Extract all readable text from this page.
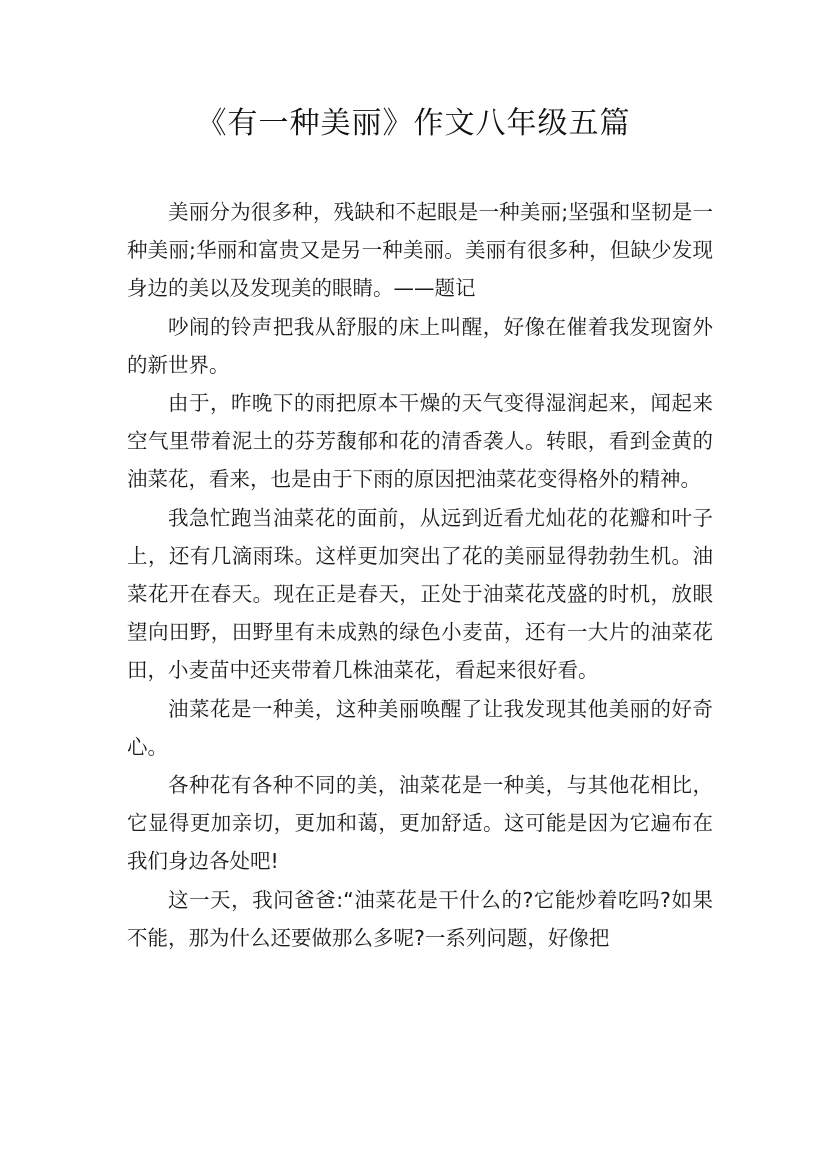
《有一种美丽》作文八年级五篇

美丽分为很多种，残缺和不起眼是一种美丽;坚强和坚韧是一种美丽;华丽和富贵又是另一种美丽。美丽有很多种，但缺少发现身边的美以及发现美的眼睛。——题记

吵闹的铃声把我从舒服的床上叫醒，好像在催着我发现窗外的新世界。

由于，昨晚下的雨把原本干燥的天气变得湿润起来，闻起来空气里带着泥土的芬芳馥郁和花的清香袭人。转眼，看到金黄的油菜花，看来，也是由于下雨的原因把油菜花变得格外的精神。

我急忙跑当油菜花的面前，从远到近看尤灿花的花瓣和叶子上，还有几滴雨珠。这样更加突出了花的美丽显得勃勃生机。油菜花开在春天。现在正是春天，正处于油菜花茂盛的时机，放眼望向田野，田野里有未成熟的绿色小麦苗，还有一大片的油菜花田，小麦苗中还夹带着几株油菜花，看起来很好看。

油菜花是一种美，这种美丽唤醒了让我发现其他美丽的好奇心。

各种花有各种不同的美，油菜花是一种美，与其他花相比，它显得更加亲切，更加和蔼，更加舒适。这可能是因为它遍布在我们身边各处吧!

这一天，我问爸爸:“油菜花是干什么的?它能炒着吃吗?如果不能，那为什么还要做那么多呢?一系列问题，好像把
